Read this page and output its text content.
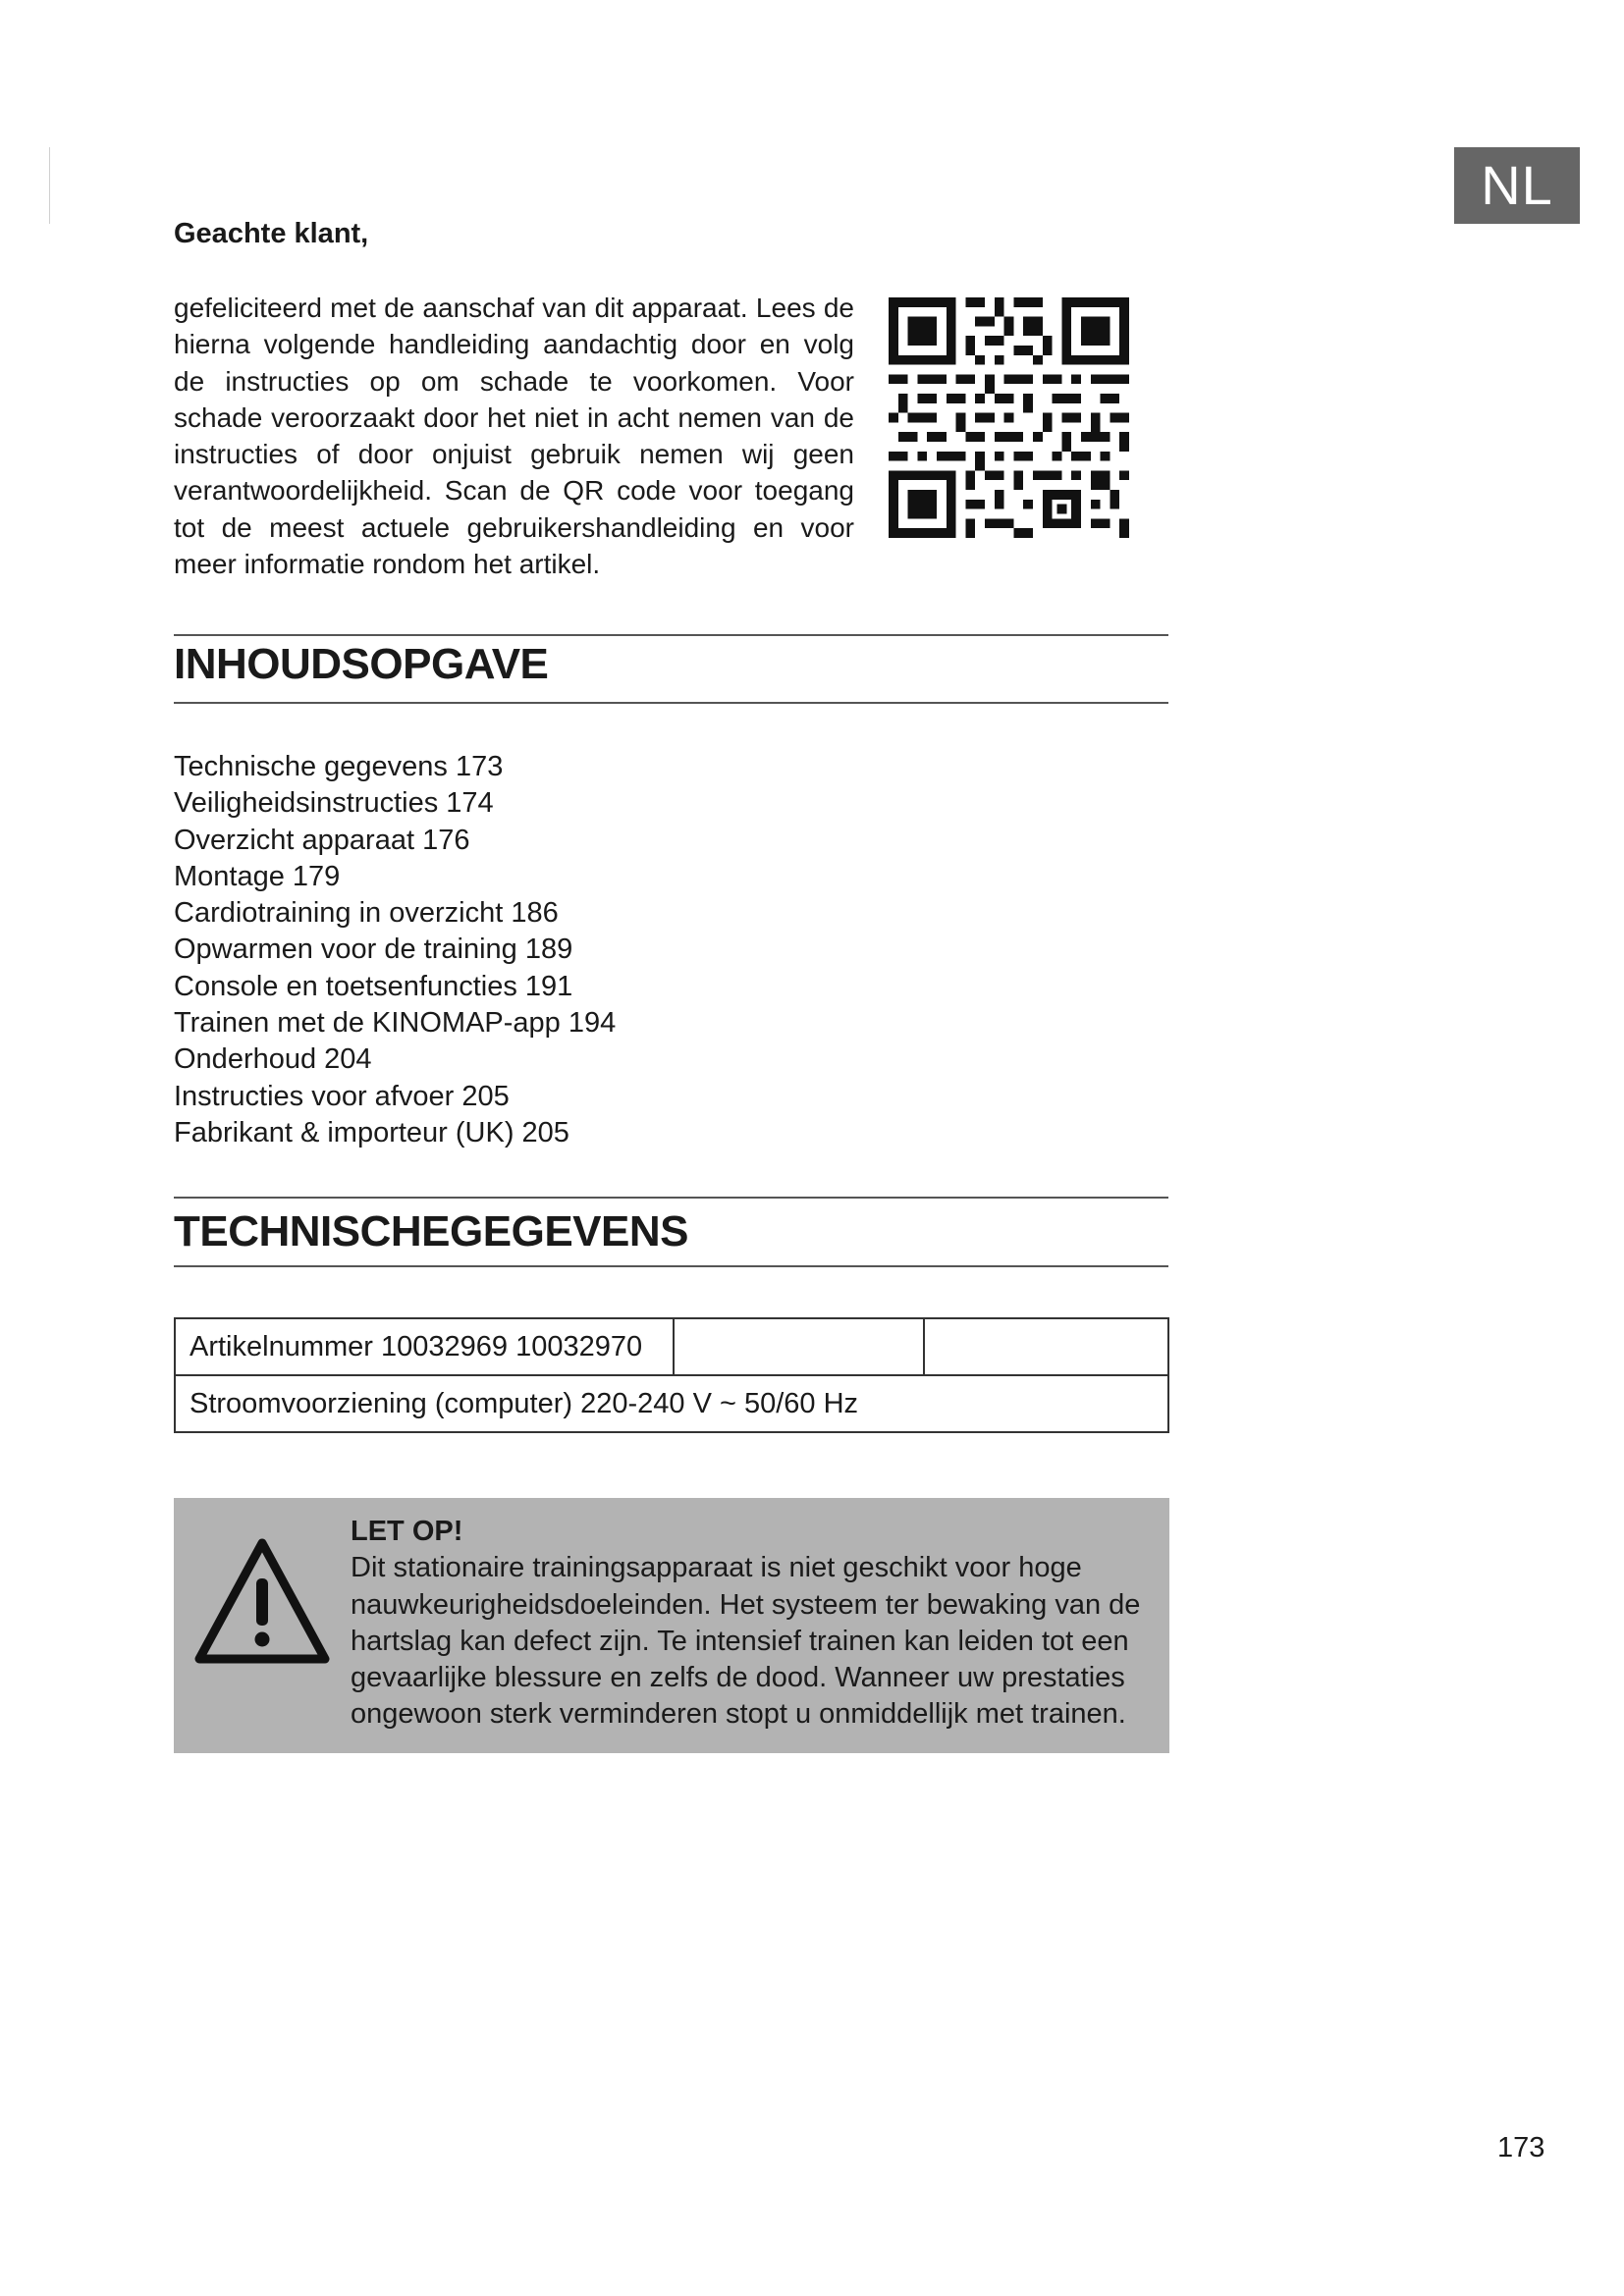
NL
Geachte klant,
gefeliciteerd met de aanschaf van dit apparaat. Lees de hierna volgende handleiding aandachtig door en volg de instructies op om schade te voorkomen. Voor schade veroorzaakt door het niet in acht nemen van de instructies of door onjuist gebruik nemen wij geen verantwoordelijkheid. Scan de QR code voor toegang tot de meest actuele gebruikershandleiding en voor meer informatie rondom het artikel.
INHOUDSOPGAVE
Technische gegevens 173
Veiligheidsinstructies 174
Overzicht apparaat 176
Montage 179
Cardiotraining in overzicht 186
Opwarmen voor de training 189
Console en toetsenfuncties 191
Trainen met de KINOMAP-app 194
Onderhoud 204
Instructies voor afvoer 205
Fabrikant & importeur (UK) 205
TECHNISCHEGEGEVENS
Artikelnummer 10032969 10032970		
Stroomvoorziening (computer) 220-240 V ~ 50/60 Hz
LET OP!
Dit stationaire trainingsapparaat is niet geschikt voor hoge nauwkeurigheidsdoeleinden. Het systeem ter bewaking van de hartslag kan defect zijn. Te intensief trainen kan leiden tot een gevaarlijke blessure en zelfs de dood. Wanneer uw prestaties ongewoon sterk verminderen stopt u onmiddellijk met trainen.
173
